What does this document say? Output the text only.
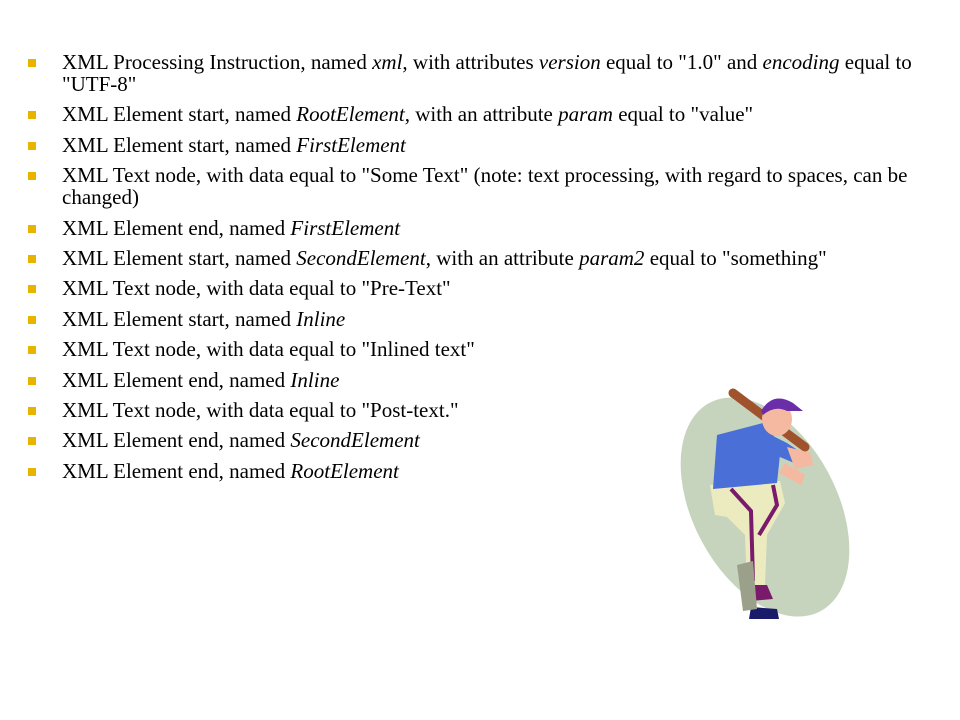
XML Processing Instruction, named xml, with attributes version equal to "1.0" and encoding equal to "UTF-8"
XML Element start, named RootElement, with an attribute param equal to "value"
XML Element start, named FirstElement
XML Text node, with data equal to "Some Text" (note: text processing, with regard to spaces, can be changed)
XML Element end, named FirstElement
XML Element start, named SecondElement, with an attribute param2 equal to "something"
XML Text node, with data equal to "Pre-Text"
XML Element start, named Inline
XML Text node, with data equal to "Inlined text"
XML Element end, named Inline
XML Text node, with data equal to "Post-text."
XML Element end, named SecondElement
XML Element end, named RootElement
